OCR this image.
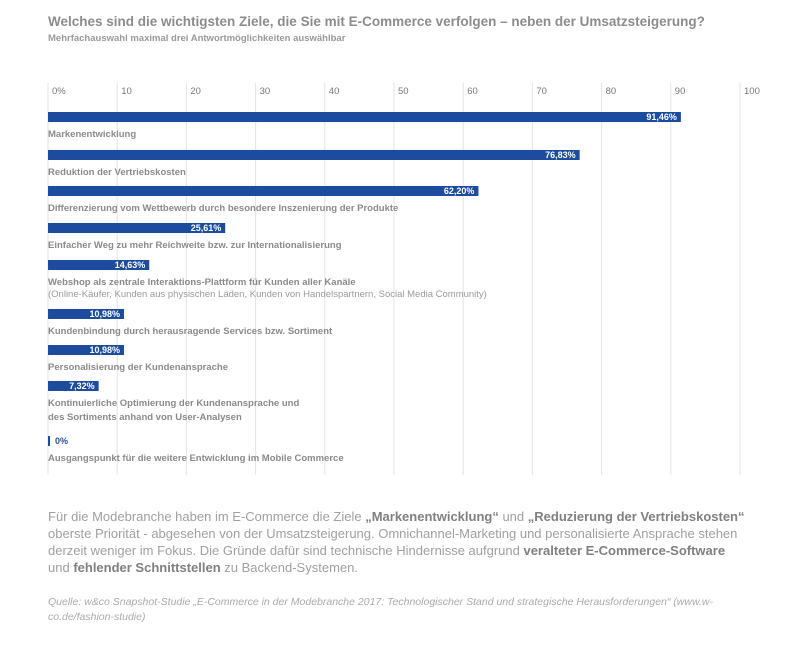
Welches sind die wichtigsten Ziele, die Sie mit E-Commerce verfolgen – neben der Umsatzsteigerung?
Mehrfachauswahl maximal drei Antwortmöglichkeiten auswählbar
0%	10	20	30	40	50	60	70	80	90	100
91,46%
Markenentwicklung
76,83%
Reduktion der Vertriebskosten
62,20%
Differenzierung vom Wettbewerb durch besondere Inszenierung der Produkte
25,61%
Einfacher Weg zu mehr Reichweite bzw. zur Internationalisierung
14,63%
Webshop als zentrale Interaktions-Plattform für Kunden aller Kanäle
(Online-Käufer, Kunden aus physischen Läden, Kunden von Handelspartnern, Social Media Community)
10,98%
Kundenbindung durch herausragende Services bzw. Sortiment
10,98%
Personalisierung der Kundenansprache
7,32%
Kontinuierliche Optimierung der Kundenansprache und
des Sortiments anhand von User-Analysen
0%
Ausgangspunkt für die weitere Entwicklung im Mobile Commerce
Für die Modebranche haben im E-Commerce die Ziele „Markenentwicklung“ und „Reduzierung der Vertriebskosten“ oberste Priorität - abgesehen von der Umsatzsteigerung. Omnichannel-Marketing und personalisierte Ansprache stehen derzeit weniger im Fokus. Die Gründe dafür sind technische Hindernisse aufgrund veralteter E-Commerce-Software und fehlender Schnittstellen zu Backend-Systemen.
Quelle: w&co Snapshot-Studie „E-Commerce in der Modebranche 2017: Technologischer Stand und strategische Herausforderungen“ (www.w-co.de/fashion-studie)
